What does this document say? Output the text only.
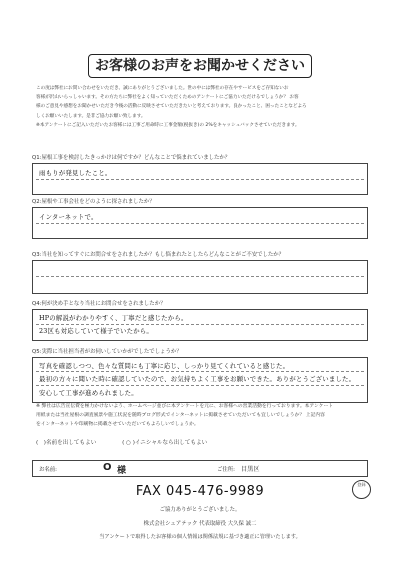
お客様のお声をお聞かせください
この度は弊社にお問い合わせをいただき、誠にありがとうございました。世の中には弊社の存在やサービスをご存知ないお
客様が沢山いらっしゃいます。その方たちに弊社をよく知っていただくためのアンケートにご協力いただけるでしょうか？ お客
様のご意見や感想をお聞かせいただき今後の活動に反映させていただきたいと考えております。良かったこと、困ったことなどよろ
しくお願いいたします。是非ご協力お願い致します。
※本アンケートにご記入いただいたお客様には工事ご用命時に工事金額(税抜き)の 2%をキャッシュバックさせていただきます。
Q1:屋根工事を検討したきっかけは何ですか？どんなことで悩まれていましたか？
雨もりが発見したこと。
Q2:屋根や工事会社をどのように探されましたか？
インターネットで。
Q3:当社を知ってすぐにお問合せをされましたか？もし悩まれたとしたらどんなことがご不安でしたか？
Q4:何が決め手となり当社にお問合せをされましたか？
HPの解説がわかりやすく、丁寧だと感じたから。
23区も対応していて様子でいたから。
Q5:実際に当社担当者がお伺いしていかがでしたでしょうか？
写真を確認しつつ、色々な質問にも丁寧に応じ、しっかり見てくれていると感じた。
最初の方々に聞いた時に確認していたので、お気持ちよく工事をお願いできた。ありがとうございました。
安心して工事が進められました。
※ 弊社は広告宣伝費を極力かけないよう、ホームページ並びに本アンケートを元に、お客様への営業活動を行っております。本アンケート
用紙または当社屋根の調査風景や施工状況を随時ブログ形式でインターネットに掲載させていただいても宜しいでしょうか？ 上記内容
をインターネットや印刷物に掲載させていただいてもよろしいでしょうか。
(　)名前を出してもよい	( ○ )イニシャルなら出してもよい
お名前:	O 様	ご住所: 目黒区
FAX 045-476-9989	登録
ご協力ありがとうございました。
株式会社シェアテック 代表取締役 大久保 誠二
当アンケートで取得したお客様の個人情報は関係法規に基づき適正に管理いたします。
